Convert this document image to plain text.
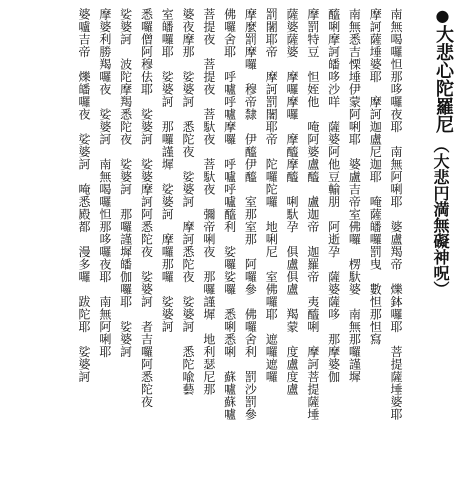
●
大悲心陀羅尼
（大悲円満無礙神呪）

南無喝囉怛那哆囉夜耶　南無阿唎耶　婆盧羯帝　爍鉢囉耶　菩提薩埵婆耶

摩訶薩埵婆耶　摩訶迦盧尼迦耶　唵薩皤囉罰曳　數怛那怛寫

南無悉吉慄埵伊蒙阿唎耶　婆盧吉帝室佛囉　楞馱婆　南無那囉謹墀

醯唎摩訶皤哆沙咩　薩婆阿他豆輸朋　阿逝孕　薩婆薩哆　那摩婆伽

摩罰特豆　怛姪他　唵阿婆盧醯　盧迦帝　迦羅帝　夷醯唎　摩訶菩提薩埵

薩婆薩婆　摩囉摩囉　摩醯摩醯　唎馱孕　俱盧俱盧　羯蒙　度盧度盧

罰闍耶帝　摩訶罰闍耶帝　陀囉陀囉　地唎尼　室佛囉耶　遮囉遮囉

摩麼罰摩囉　穆帝隸　伊醯伊醯　室那室那　阿囉參　佛囉舍利　罰沙罰參

佛囉舍耶　呼嚧呼嚧摩囉　呼嚧呼嚧醯利　娑囉娑囉　悉唎悉唎　蘇嚧蘇嚧

菩提夜　菩提夜　菩馱夜　菩馱夜　彌帝唎夜　那囉謹墀　地利瑟尼那

婆夜摩那　娑婆訶　悉陀夜　娑婆訶　摩訶悉陀夜　娑婆訶　悉陀喩藝

室皤囉耶　娑婆訶　那囉謹墀　娑婆訶　摩囉那囉　娑婆訶

悉囉僧阿穆佉耶　娑婆訶　娑婆摩訶阿悉陀夜　娑婆訶　者吉囉阿悉陀夜

娑婆訶　波陀摩羯悉陀夜　娑婆訶　那囉謹墀皤伽囉耶　娑婆訶

摩婆利勝羯囉夜　娑婆訶　南無喝囉怛那哆囉夜耶　南無阿唎耶

婆嚧吉帝　爍皤囉夜　娑婆訶　唵悉殿都　漫多囉　跋陀耶　娑婆訶
